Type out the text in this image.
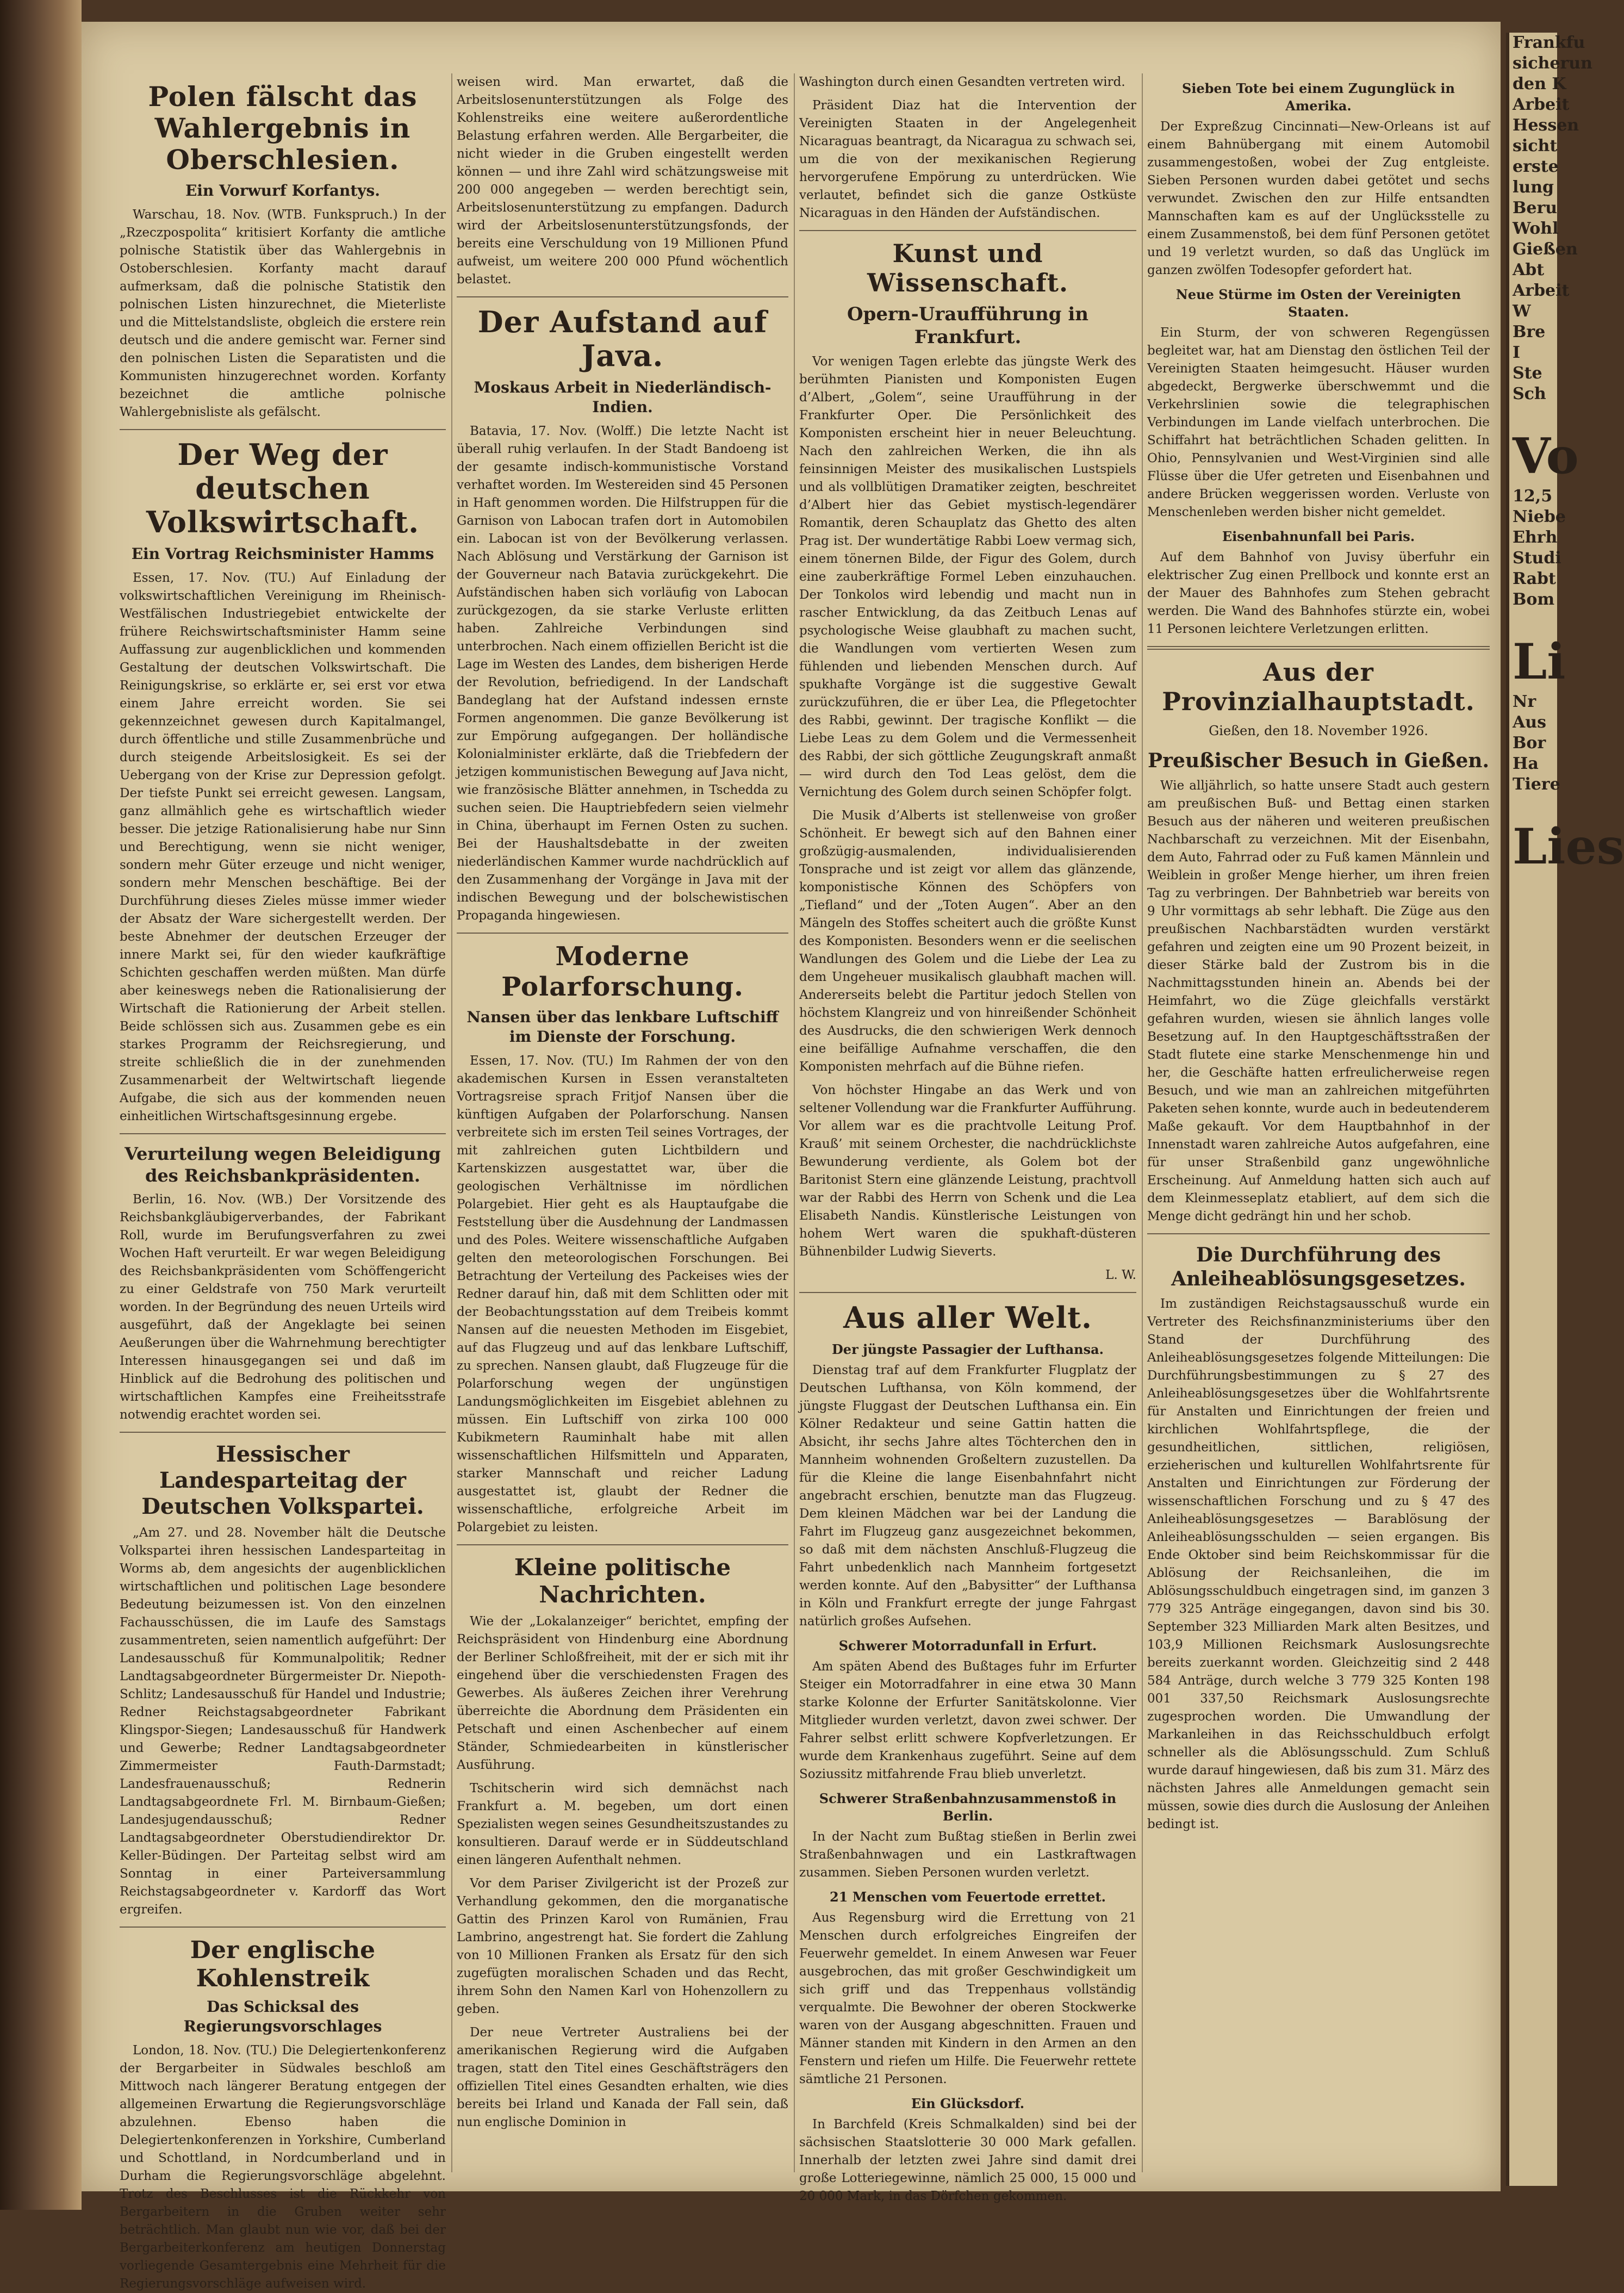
Polen fälscht das Wahlergebnis in Oberschlesien.
Ein Vorwurf Korfantys.

Warschau, 18. Nov. (WTB. Funkspruch.) In der „Rzeczpospolita“ kritisiert Korfanty die amtliche polnische Statistik über das Wahlergebnis in Ostoberschlesien. Korfanty macht darauf aufmerksam, daß die polnische Statistik den polnischen Listen hinzurechnet, die Mieterliste und die Mittelstandsliste, obgleich die erstere rein deutsch und die andere gemischt war. Ferner sind den polnischen Listen die Separatisten und die Kommunisten hinzugerechnet worden. Korfanty bezeichnet die amtliche polnische Wahlergebnisliste als gefälscht.

Der Weg der deutschen Volkswirtschaft.
Ein Vortrag Reichsminister Hamms

Essen, 17. Nov. (TU.) Auf Einladung der volkswirtschaftlichen Vereinigung im Rheinisch-Westfälischen Industriegebiet entwickelte der frühere Reichswirtschaftsminister Hamm seine Auffassung zur augenblicklichen und kommenden Gestaltung der deutschen Volkswirtschaft. Die Reinigungskrise, so erklärte er, sei erst vor etwa einem Jahre erreicht worden. Sie sei gekennzeichnet gewesen durch Kapitalmangel, durch öffentliche und stille Zusammenbrüche und durch steigende Arbeitslosigkeit. Es sei der Uebergang von der Krise zur Depression gefolgt. Der tiefste Punkt sei erreicht gewesen. Langsam, ganz allmählich gehe es wirtschaftlich wieder besser. Die jetzige Rationalisierung habe nur Sinn und Berechtigung, wenn sie nicht weniger, sondern mehr Güter erzeuge und nicht weniger, sondern mehr Menschen beschäftige. Bei der Durchführung dieses Zieles müsse immer wieder der Absatz der Ware sichergestellt werden. Der beste Abnehmer der deutschen Erzeuger der innere Markt sei, für den wieder kaufkräftige Schichten geschaffen werden müßten. Man dürfe aber keineswegs neben die Rationalisierung der Wirtschaft die Rationierung der Arbeit stellen. Beide schlössen sich aus. Zusammen gebe es ein starkes Programm der Reichsregierung, und streite schließlich die in der zunehmenden Zusammenarbeit der Weltwirtschaft liegende Aufgabe, die sich aus der kommenden neuen einheitlichen Wirtschaftsgesinnung ergebe.

Verurteilung wegen Beleidigung des Reichsbankpräsidenten.

Berlin, 16. Nov. (WB.) Der Vorsitzende des Reichsbankgläubigerverbandes, der Fabrikant Roll, wurde im Berufungsverfahren zu zwei Wochen Haft verurteilt. Er war wegen Beleidigung des Reichsbankpräsidenten vom Schöffengericht zu einer Geldstrafe von 750 Mark verurteilt worden. In der Begründung des neuen Urteils wird ausgeführt, daß der Angeklagte bei seinen Aeußerungen über die Wahrnehmung berechtigter Interessen hinausgegangen sei und daß im Hinblick auf die Bedrohung des politischen und wirtschaftlichen Kampfes eine Freiheitsstrafe notwendig erachtet worden sei.

Hessischer Landesparteitag der Deutschen Volkspartei.

„Am 27. und 28. November hält die Deutsche Volkspartei ihren hessischen Landesparteitag in Worms ab, dem angesichts der augenblicklichen wirtschaftlichen und politischen Lage besondere Bedeutung beizumessen ist. Von den einzelnen Fachausschüssen, die im Laufe des Samstags zusammentreten, seien namentlich aufgeführt: Der Landesausschuß für Kommunalpolitik; Redner Landtagsabgeordneter Bürgermeister Dr. Niepoth-Schlitz; Landesausschuß für Handel und Industrie; Redner Reichstagsabgeordneter Fabrikant Klingspor-Siegen; Landesausschuß für Handwerk und Gewerbe; Redner Landtagsabgeordneter Zimmermeister Fauth-Darmstadt; Landesfrauenausschuß; Rednerin Landtagsabgeordnete Frl. M. Birnbaum-Gießen; Landesjugendausschuß; Redner Landtagsabgeordneter Oberstudiendirektor Dr. Keller-Büdingen. Der Parteitag selbst wird am Sonntag in einer Parteiversammlung Reichstagsabgeordneter v. Kardorff das Wort ergreifen.

Der englische Kohlenstreik
Das Schicksal des Regierungsvorschlages

London, 18. Nov. (TU.) Die Delegiertenkonferenz der Bergarbeiter in Südwales beschloß am Mittwoch nach längerer Beratung entgegen der allgemeinen Erwartung die Regierungsvorschläge abzulehnen. Ebenso haben die Delegiertenkonferenzen in Yorkshire, Cumberland und Schottland, in Nordcumberland und in Durham die Regierungsvorschläge abgelehnt. Trotz des Beschlusses ist die Rückkehr von Bergarbeitern in die Gruben weiter sehr beträchtlich. Man glaubt nun wie vor, daß bei der Bergarbeiterkonferenz am heutigen Donnerstag vorliegende Gesamtergebnis eine Mehrheit für die Regierungsvorschläge aufweisen wird.

weisen wird. Man erwartet, daß die Arbeitslosenunterstützungen als Folge des Kohlenstreiks eine weitere außerordentliche Belastung erfahren werden. Alle Bergarbeiter, die nicht wieder in die Gruben eingestellt werden können — und ihre Zahl wird schätzungsweise mit 200 000 angegeben — werden berechtigt sein, Arbeitslosenunterstützung zu empfangen. Dadurch wird der Arbeitslosenunterstützungsfonds, der bereits eine Verschuldung von 19 Millionen Pfund aufweist, um weitere 200 000 Pfund wöchentlich belastet.

Der Aufstand auf Java.
Moskaus Arbeit in Niederländisch-Indien.

Batavia, 17. Nov. (Wolff.) Die letzte Nacht ist überall ruhig verlaufen. In der Stadt Bandoeng ist der gesamte indisch-kommunistische Vorstand verhaftet worden. Im Westereiden sind 45 Personen in Haft genommen worden. Die Hilfstruppen für die Garnison von Labocan trafen dort in Automobilen ein. Labocan ist von der Bevölkerung verlassen. Nach Ablösung und Verstärkung der Garnison ist der Gouverneur nach Batavia zurückgekehrt. Die Aufständischen haben sich vorläufig von Labocan zurückgezogen, da sie starke Verluste erlitten haben. Zahlreiche Verbindungen sind unterbrochen. Nach einem offiziellen Bericht ist die Lage im Westen des Landes, dem bisherigen Herde der Revolution, befriedigend. In der Landschaft Bandeglang hat der Aufstand indessen ernste Formen angenommen. Die ganze Bevölkerung ist zur Empörung aufgegangen. Der holländische Kolonialminister erklärte, daß die Triebfedern der jetzigen kommunistischen Bewegung auf Java nicht, wie französische Blätter annehmen, in Tschedda zu suchen seien. Die Hauptriebfedern seien vielmehr in China, überhaupt im Fernen Osten zu suchen. Bei der Haushaltsdebatte in der zweiten niederländischen Kammer wurde nachdrücklich auf den Zusammenhang der Vorgänge in Java mit der indischen Bewegung und der bolschewistischen Propaganda hingewiesen.

Moderne Polarforschung.
Nansen über das lenkbare Luftschiff im Dienste der Forschung.

Essen, 17. Nov. (TU.) Im Rahmen der von den akademischen Kursen in Essen veranstalteten Vortragsreise sprach Fritjof Nansen über die künftigen Aufgaben der Polarforschung. Nansen verbreitete sich im ersten Teil seines Vortrages, der mit zahlreichen guten Lichtbildern und Kartenskizzen ausgestattet war, über die geologischen Verhältnisse im nördlichen Polargebiet. Hier geht es als Hauptaufgabe die Feststellung über die Ausdehnung der Landmassen und des Poles. Weitere wissenschaftliche Aufgaben gelten den meteorologischen Forschungen. Bei Betrachtung der Verteilung des Packeises wies der Redner darauf hin, daß mit dem Schlitten oder mit der Beobachtungsstation auf dem Treibeis kommt Nansen auf die neuesten Methoden im Eisgebiet, auf das Flugzeug und auf das lenkbare Luftschiff, zu sprechen. Nansen glaubt, daß Flugzeuge für die Polarforschung wegen der ungünstigen Landungsmöglichkeiten im Eisgebiet ablehnen zu müssen. Ein Luftschiff von zirka 100 000 Kubikmetern Rauminhalt habe mit allen wissenschaftlichen Hilfsmitteln und Apparaten, starker Mannschaft und reicher Ladung ausgestattet ist, glaubt der Redner die wissenschaftliche, erfolgreiche Arbeit im Polargebiet zu leisten.

Kleine politische Nachrichten.

Wie der „Lokalanzeiger“ berichtet, empfing der Reichspräsident von Hindenburg eine Abordnung der Berliner Schloßfreiheit, mit der er sich mit ihr eingehend über die verschiedensten Fragen des Gewerbes. Als äußeres Zeichen ihrer Verehrung überreichte die Abordnung dem Präsidenten ein Petschaft und einen Aschenbecher auf einem Ständer, Schmiedearbeiten in künstlerischer Ausführung.

Tschitscherin wird sich demnächst nach Frankfurt a. M. begeben, um dort einen Spezialisten wegen seines Gesundheitszustandes zu konsultieren. Darauf werde er in Süddeutschland einen längeren Aufenthalt nehmen.

Vor dem Pariser Zivilgericht ist der Prozeß zur Verhandlung gekommen, den die morganatische Gattin des Prinzen Karol von Rumänien, Frau Lambrino, angestrengt hat. Sie fordert die Zahlung von 10 Millionen Franken als Ersatz für den sich zugefügten moralischen Schaden und das Recht, ihrem Sohn den Namen Karl von Hohenzollern zu geben.

Der neue Vertreter Australiens bei der amerikanischen Regierung wird die Aufgaben tragen, statt den Titel eines Geschäftsträgers den offiziellen Titel eines Gesandten erhalten, wie dies bereits bei Irland und Kanada der Fall sein, daß nun englische Dominion in

Washington durch einen Gesandten vertreten wird.

Präsident Diaz hat die Intervention der Vereinigten Staaten in der Angelegenheit Nicaraguas beantragt, da Nicaragua zu schwach sei, um die von der mexikanischen Regierung hervorgerufene Empörung zu unterdrücken. Wie verlautet, befindet sich die ganze Ostküste Nicaraguas in den Händen der Aufständischen.

Kunst und Wissenschaft.
Opern-Uraufführung in Frankfurt.

Vor wenigen Tagen erlebte das jüngste Werk des berühmten Pianisten und Komponisten Eugen d’Albert, „Golem“, seine Uraufführung in der Frankfurter Oper. Die Persönlichkeit des Komponisten erscheint hier in neuer Beleuchtung. Nach den zahlreichen Werken, die ihn als feinsinnigen Meister des musikalischen Lustspiels und als vollblütigen Dramatiker zeigten, beschreitet d’Albert hier das Gebiet mystisch-legendärer Romantik, deren Schauplatz das Ghetto des alten Prag ist. Der wundertätige Rabbi Loew vermag sich, einem tönernen Bilde, der Figur des Golem, durch eine zauberkräftige Formel Leben einzuhauchen. Der Tonkolos wird lebendig und macht nun in rascher Entwicklung, da das Zeitbuch Lenas auf psychologische Weise glaubhaft zu machen sucht, die Wandlungen vom vertierten Wesen zum fühlenden und liebenden Menschen durch. Auf spukhafte Vorgänge ist die suggestive Gewalt zurückzuführen, die er über Lea, die Pflegetochter des Rabbi, gewinnt. Der tragische Konflikt — die Liebe Leas zu dem Golem und die Vermessenheit des Rabbi, der sich göttliche Zeugungskraft anmaßt — wird durch den Tod Leas gelöst, dem die Vernichtung des Golem durch seinen Schöpfer folgt.

Die Musik d’Alberts ist stellenweise von großer Schönheit. Er bewegt sich auf den Bahnen einer großzügig-ausmalenden, individualisierenden Tonsprache und ist zeigt vor allem das glänzende, komponistische Können des Schöpfers von „Tiefland“ und der „Toten Augen“. Aber an den Mängeln des Stoffes scheitert auch die größte Kunst des Komponisten. Besonders wenn er die seelischen Wandlungen des Golem und die Liebe der Lea zu dem Ungeheuer musikalisch glaubhaft machen will. Andererseits belebt die Partitur jedoch Stellen von höchstem Klangreiz und von hinreißender Schönheit des Ausdrucks, die den schwierigen Werk dennoch eine beifällige Aufnahme verschaffen, die den Komponisten mehrfach auf die Bühne riefen.

Von höchster Hingabe an das Werk und von seltener Vollendung war die Frankfurter Aufführung. Vor allem war es die prachtvolle Leitung Prof. Krauß’ mit seinem Orchester, die nachdrücklichste Bewunderung verdiente, als Golem bot der Baritonist Stern eine glänzende Leistung, prachtvoll war der Rabbi des Herrn von Schenk und die Lea Elisabeth Nandis. Künstlerische Leistungen von hohem Wert waren die spukhaft-düsteren Bühnenbilder Ludwig Sieverts.

L. W.
Aus aller Welt.
Der jüngste Passagier der Lufthansa.

Dienstag traf auf dem Frankfurter Flugplatz der Deutschen Lufthansa, von Köln kommend, der jüngste Fluggast der Deutschen Lufthansa ein. Ein Kölner Redakteur und seine Gattin hatten die Absicht, ihr sechs Jahre altes Töchterchen den in Mannheim wohnenden Großeltern zuzustellen. Da für die Kleine die lange Eisenbahnfahrt nicht angebracht erschien, benutzte man das Flugzeug. Dem kleinen Mädchen war bei der Landung die Fahrt im Flugzeug ganz ausgezeichnet bekommen, so daß mit dem nächsten Anschluß-Flugzeug die Fahrt unbedenklich nach Mannheim fortgesetzt werden konnte. Auf den „Babysitter“ der Lufthansa in Köln und Frankfurt erregte der junge Fahrgast natürlich großes Aufsehen.

Schwerer Motorradunfall in Erfurt.

Am späten Abend des Bußtages fuhr im Erfurter Steiger ein Motorradfahrer in eine etwa 30 Mann starke Kolonne der Erfurter Sanitätskolonne. Vier Mitglieder wurden verletzt, davon zwei schwer. Der Fahrer selbst erlitt schwere Kopfverletzungen. Er wurde dem Krankenhaus zugeführt. Seine auf dem Soziussitz mitfahrende Frau blieb unverletzt.

Schwerer Straßenbahnzusammenstoß in Berlin.

In der Nacht zum Bußtag stießen in Berlin zwei Straßenbahnwagen und ein Lastkraftwagen zusammen. Sieben Personen wurden verletzt.

21 Menschen vom Feuertode errettet.

Aus Regensburg wird die Errettung von 21 Menschen durch erfolgreiches Eingreifen der Feuerwehr gemeldet. In einem Anwesen war Feuer ausgebrochen, das mit großer Geschwindigkeit um sich griff und das Treppenhaus vollständig verqualmte. Die Bewohner der oberen Stockwerke waren von der Ausgang abgeschnitten. Frauen und Männer standen mit Kindern in den Armen an den Fenstern und riefen um Hilfe. Die Feuerwehr rettete sämtliche 21 Personen.

Ein Glücksdorf.

In Barchfeld (Kreis Schmalkalden) sind bei der sächsischen Staatslotterie 30 000 Mark gefallen. Innerhalb der letzten zwei Jahre sind damit drei große Lotteriegewinne, nämlich 25 000, 15 000 und 20 000 Mark, in das Dörfchen gekommen.

Sieben Tote bei einem Zugunglück in Amerika.

Der Expreßzug Cincinnati—New-Orleans ist auf einem Bahnübergang mit einem Automobil zusammengestoßen, wobei der Zug entgleiste. Sieben Personen wurden dabei getötet und sechs verwundet. Zwischen den zur Hilfe entsandten Mannschaften kam es auf der Unglücksstelle zu einem Zusammenstoß, bei dem fünf Personen getötet und 19 verletzt wurden, so daß das Unglück im ganzen zwölfen Todesopfer gefordert hat.

Neue Stürme im Osten der Vereinigten Staaten.

Ein Sturm, der von schweren Regengüssen begleitet war, hat am Dienstag den östlichen Teil der Vereinigten Staaten heimgesucht. Häuser wurden abgedeckt, Bergwerke überschwemmt und die Verkehrslinien sowie die telegraphischen Verbindungen im Lande vielfach unterbrochen. Die Schiffahrt hat beträchtlichen Schaden gelitten. In Ohio, Pennsylvanien und West-Virginien sind alle Flüsse über die Ufer getreten und Eisenbahnen und andere Brücken weggerissen worden. Verluste von Menschenleben werden bisher nicht gemeldet.

Eisenbahnunfall bei Paris.

Auf dem Bahnhof von Juvisy überfuhr ein elektrischer Zug einen Prellbock und konnte erst an der Mauer des Bahnhofes zum Stehen gebracht werden. Die Wand des Bahnhofes stürzte ein, wobei 11 Personen leichtere Verletzungen erlitten.

Aus der Provinzialhauptstadt.
Gießen, den 18. November 1926.
Preußischer Besuch in Gießen.

Wie alljährlich, so hatte unsere Stadt auch gestern am preußischen Buß- und Bettag einen starken Besuch aus der näheren und weiteren preußischen Nachbarschaft zu verzeichnen. Mit der Eisenbahn, dem Auto, Fahrrad oder zu Fuß kamen Männlein und Weiblein in großer Menge hierher, um ihren freien Tag zu verbringen. Der Bahnbetrieb war bereits von 9 Uhr vormittags ab sehr lebhaft. Die Züge aus den preußischen Nachbarstädten wurden verstärkt gefahren und zeigten eine um 90 Prozent beizeit, in dieser Stärke bald der Zustrom bis in die Nachmittagsstunden hinein an. Abends bei der Heimfahrt, wo die Züge gleichfalls verstärkt gefahren wurden, wiesen sie ähnlich langes volle Besetzung auf. In den Hauptgeschäftsstraßen der Stadt flutete eine starke Menschenmenge hin und her, die Geschäfte hatten erfreulicherweise regen Besuch, und wie man an zahlreichen mitgeführten Paketen sehen konnte, wurde auch in bedeutenderem Maße gekauft. Vor dem Hauptbahnhof in der Innenstadt waren zahlreiche Autos aufgefahren, eine für unser Straßenbild ganz ungewöhnliche Erscheinung. Auf Anmeldung hatten sich auch auf dem Kleinmesseplatz etabliert, auf dem sich die Menge dicht gedrängt hin und her schob.

Die Durchführung des Anleiheablösungsgesetzes.

Im zuständigen Reichstagsausschuß wurde ein Vertreter des Reichsfinanzministeriums über den Stand der Durchführung des Anleiheablösungsgesetzes folgende Mitteilungen: Die Durchführungsbestimmungen zu § 27 des Anleiheablösungsgesetzes über die Wohlfahrtsrente für Anstalten und Einrichtungen der freien und kirchlichen Wohlfahrtspflege, die der gesundheitlichen, sittlichen, religiösen, erzieherischen und kulturellen Wohlfahrtsrente für Anstalten und Einrichtungen zur Förderung der wissenschaftlichen Forschung und zu § 47 des Anleiheablösungsgesetzes — Barablösung der Anleiheablösungsschulden — seien ergangen. Bis Ende Oktober sind beim Reichskommissar für die Ablösung der Reichsanleihen, die im Ablösungsschuldbuch eingetragen sind, im ganzen 3 779 325 Anträge eingegangen, davon sind bis 30. September 323 Milliarden Mark alten Besitzes, und 103,9 Millionen Reichsmark Auslosungsrechte bereits zuerkannt worden. Gleichzeitig sind 2 448 584 Anträge, durch welche 3 779 325 Konten 198 001 337,50 Reichsmark Auslosungsrechte zugesprochen worden. Die Umwandlung der Markanleihen in das Reichsschuldbuch erfolgt schneller als die Ablösungsschuld. Zum Schluß wurde darauf hingewiesen, daß bis zum 31. März des nächsten Jahres alle Anmeldungen gemacht sein müssen, sowie dies durch die Auslosung der Anleihen bedingt ist.

Frankfu
sicherun
den K
Arbeit
Hessen
sicht
erste
lung
Beru
Wohl
Gießen
Abt
Arbeit
W
Bre
I
Ste
Sch
Vo
12,5
Niebe
Ehrh
Studi
Rabt
Bom
Li
Nr
Aus
Bor
Ha
Tiere
Lies
